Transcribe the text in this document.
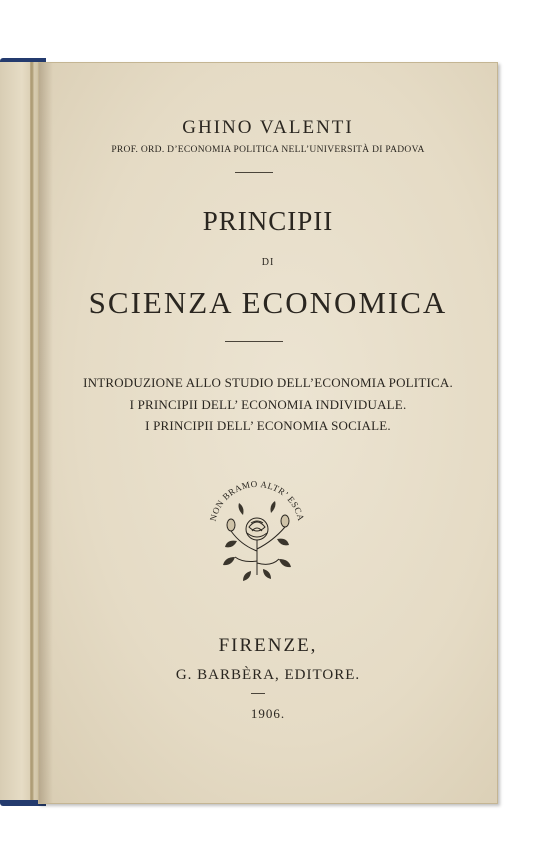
GHINO VALENTI
PROF. ORD. D’ECONOMIA POLITICA NELL’UNIVERSITÀ DI PADOVA
PRINCIPII
DI
SCIENZA ECONOMICA
INTRODUZIONE ALLO STUDIO DELL’ECONOMIA POLITICA.
I PRINCIPII DELL’ ECONOMIA INDIVIDUALE.
I PRINCIPII DELL’ ECONOMIA SOCIALE.
NON BRAMO ALTR’ ESCA
FIRENZE,
G. BARBÈRA, EDITORE.
1906.
